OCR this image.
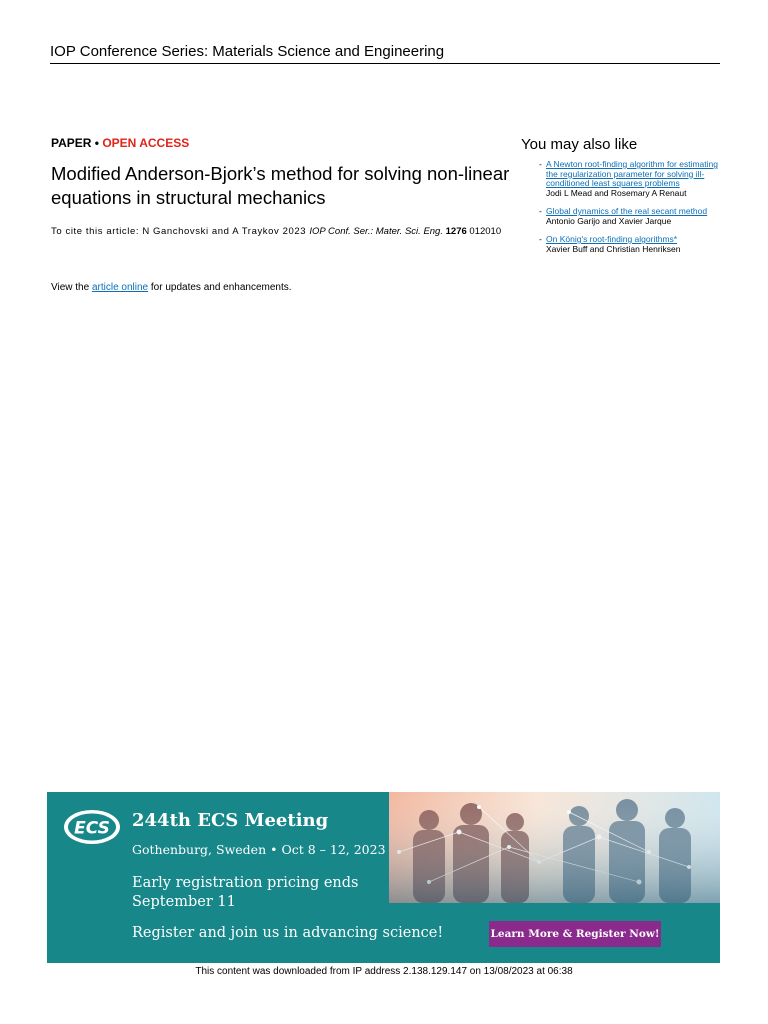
IOP Conference Series: Materials Science and Engineering
PAPER • OPEN ACCESS
Modified Anderson-Bjork’s method for solving non-linear equations in structural mechanics
To cite this article: N Ganchovski and A Traykov 2023 IOP Conf. Ser.: Mater. Sci. Eng. 1276 012010
View the article online for updates and enhancements.
You may also like
- A Newton root-finding algorithm for estimating the regularization parameter for solving ill-conditioned least squares problems
Jodi L Mead and Rosemary A Renaut
- Global dynamics of the real secant method
Antonio Garijo and Xavier Jarque
- On König's root-finding algorithms*
Xavier Buff and Christian Henriksen
ECS 244th ECS Meeting
Gothenburg, Sweden • Oct 8 – 12, 2023
Early registration pricing ends
September 11
Register and join us in advancing science!	Learn More & Register Now!
This content was downloaded from IP address 2.138.129.147 on 13/08/2023 at 06:38
